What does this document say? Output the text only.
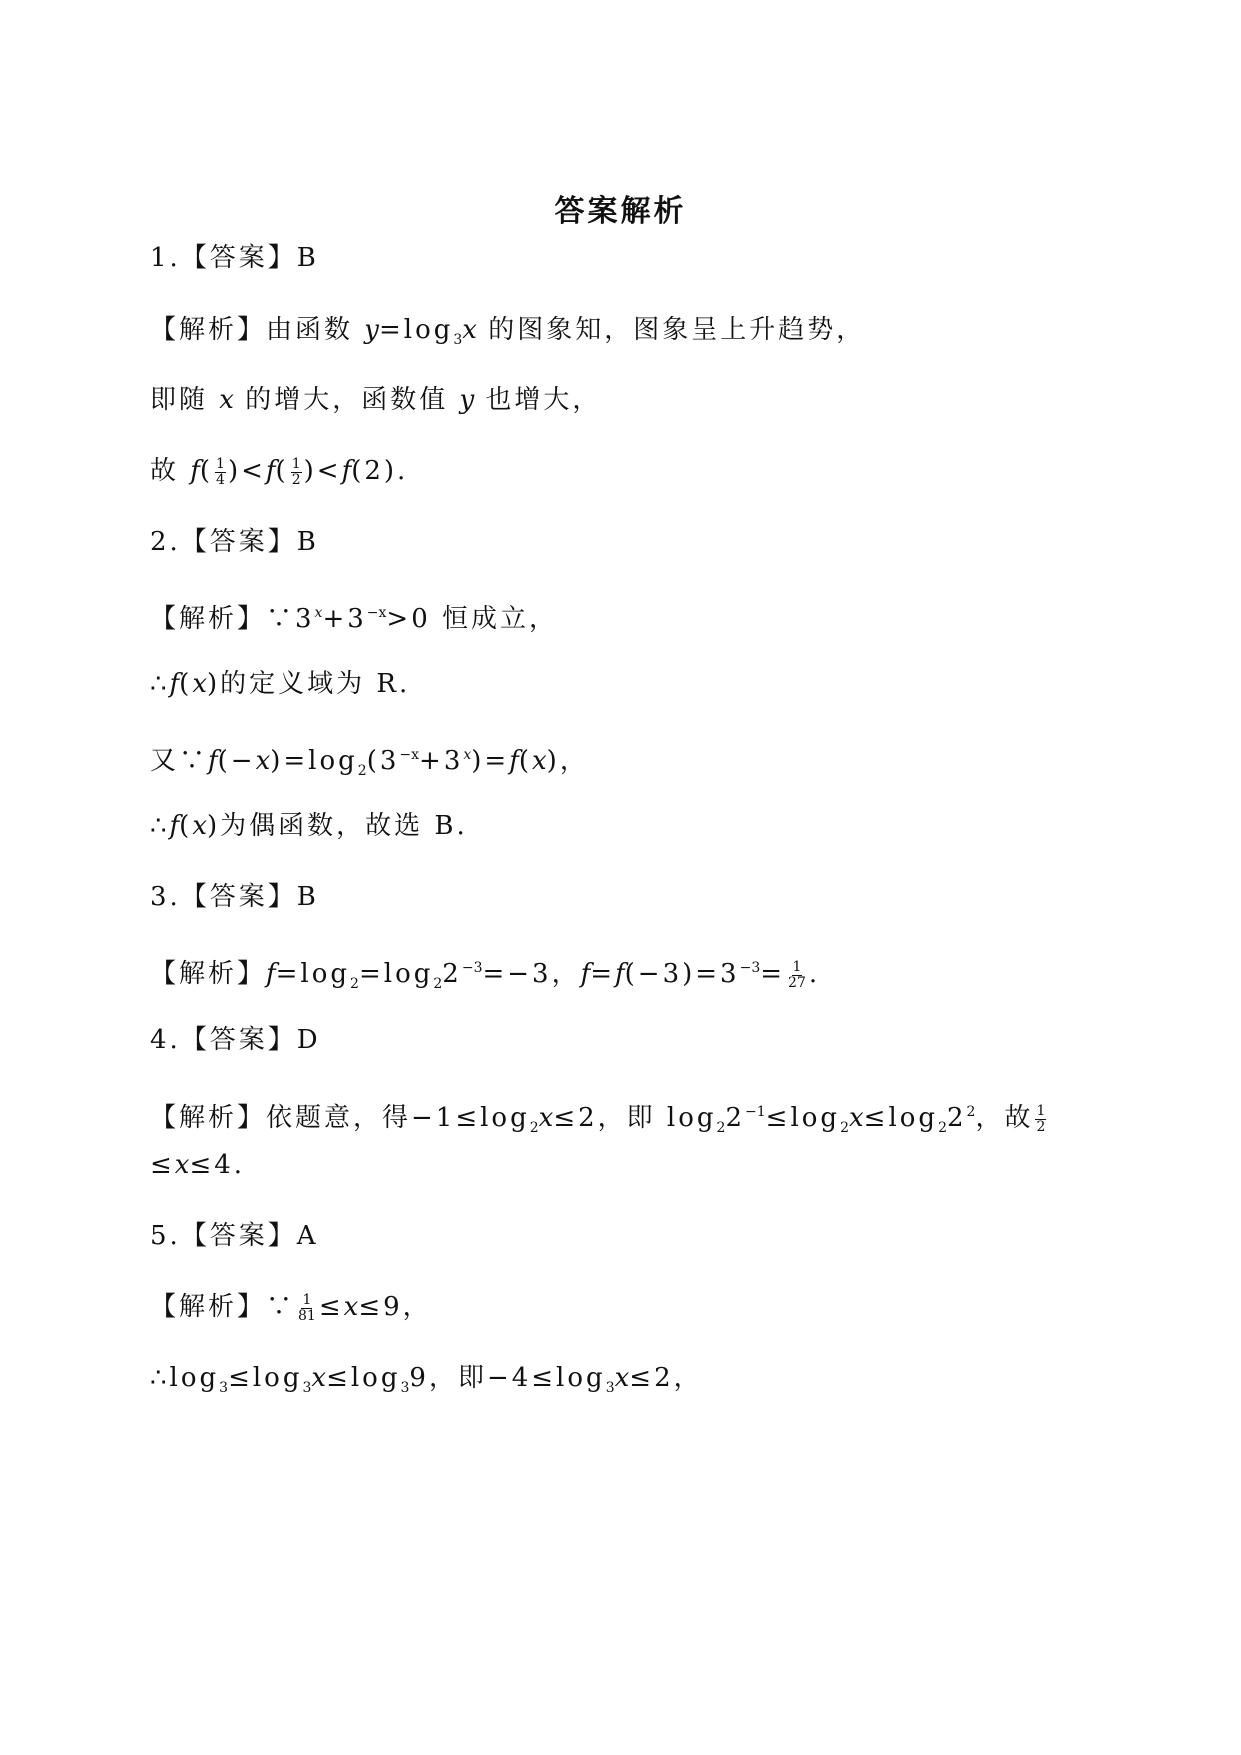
答案解析
1.【答案】B
【解析】由函数 $y=\log_3x$ 的图象知，图象呈上升趋势，
即随 x 的增大，函数值 y 也增大，
故 $f( \frac{1}{4} )<f( \frac{1}{2} )<f(2)$.
2.【答案】B
【解析】$\because 3^x+3^{-x}>0$ 恒成立，
∴f(x)的定义域为 R.
又$\because f(-x)=\log_2(3^{-x}+3^x)=f(x)$，
∴f(x)为偶函数，故选 B.
3.【答案】B
【解析】$f=\log_2=\log_22^{-3}=-3$，$f=f(-3)=3^{-3}= \frac{1}{27}$ .
4.【答案】D
【解析】依题意，得$-1\le\log_2x\le 2$，即 $\log_22^{-1}\le\log_2x\le\log_22^2$，故 $\frac{1}{2}$
≤x≤4.
5.【答案】A
【解析】∵ $\frac{1}{81} \le x\le 9$，
$\therefore\log_3\le\log_3x\le\log_39$，即$-4\le\log_3x\le 2$，
